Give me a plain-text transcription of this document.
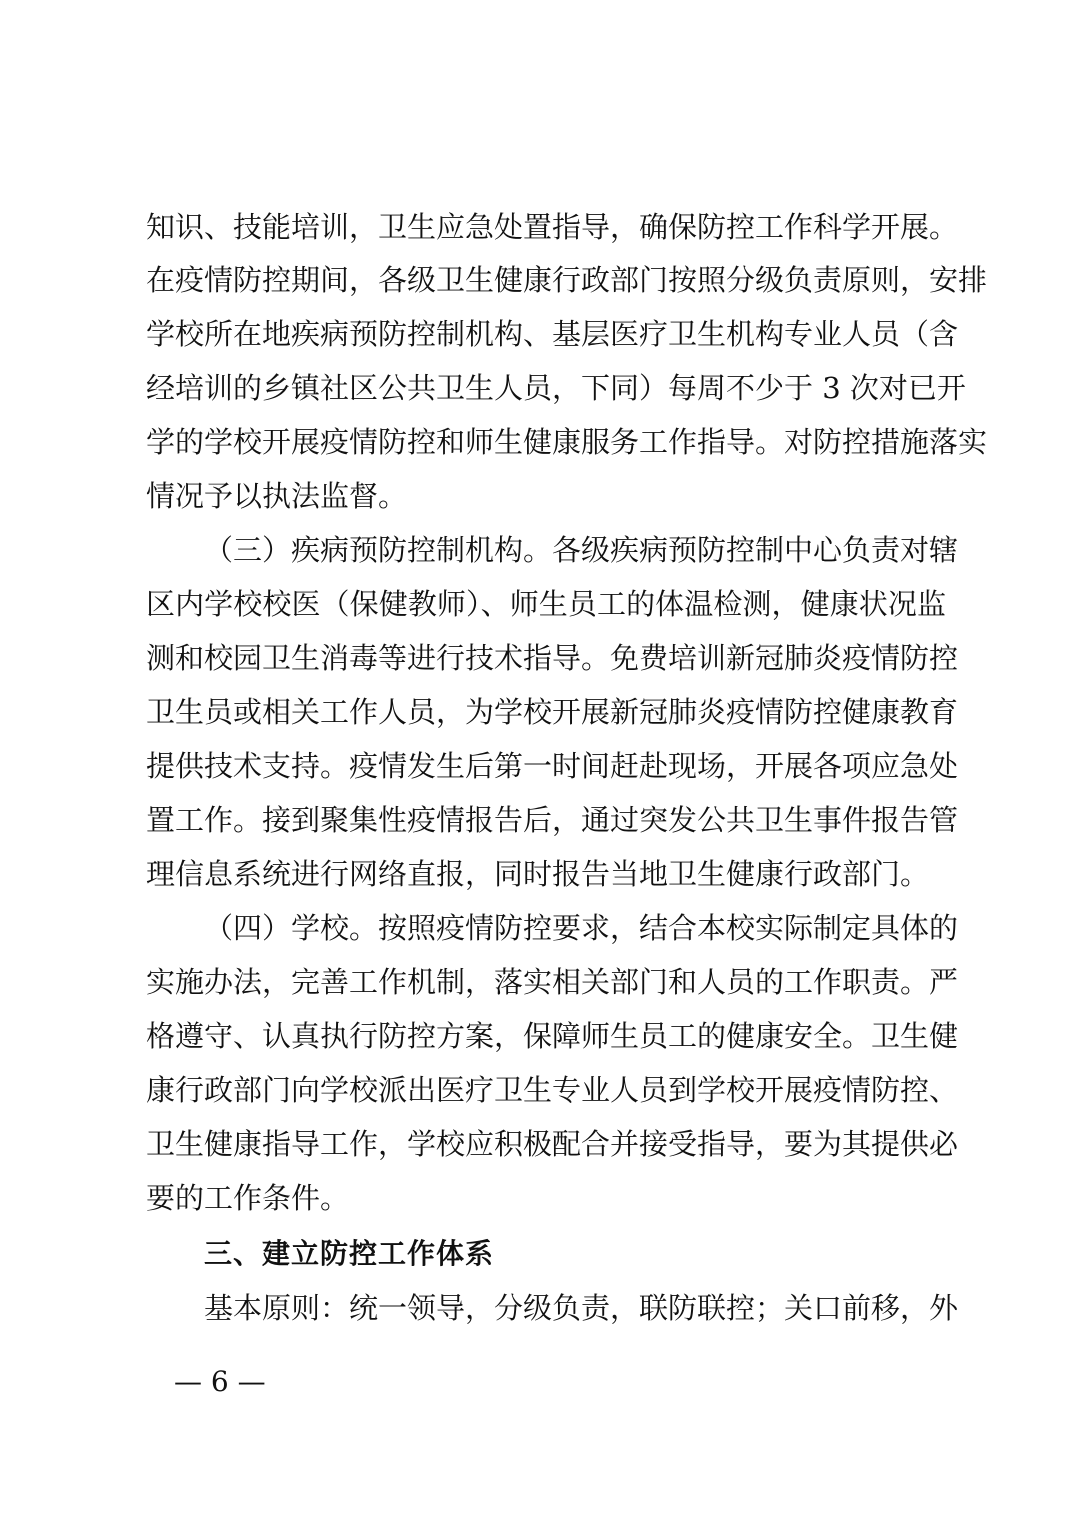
知识、技能培训，卫生应急处置指导，确保防控工作科学开展。
在疫情防控期间，各级卫生健康行政部门按照分级负责原则，安排
学校所在地疾病预防控制机构、基层医疗卫生机构专业人员（含
经培训的乡镇社区公共卫生人员，下同）每周不少于 3 次对已开
学的学校开展疫情防控和师生健康服务工作指导。对防控措施落实
情况予以执法监督。
（三）疾病预防控制机构。各级疾病预防控制中心负责对辖
区内学校校医（保健教师）、师生员工的体温检测，健康状况监
测和校园卫生消毒等进行技术指导。免费培训新冠肺炎疫情防控
卫生员或相关工作人员，为学校开展新冠肺炎疫情防控健康教育
提供技术支持。疫情发生后第一时间赶赴现场，开展各项应急处
置工作。接到聚集性疫情报告后，通过突发公共卫生事件报告管
理信息系统进行网络直报，同时报告当地卫生健康行政部门。
（四）学校。按照疫情防控要求，结合本校实际制定具体的
实施办法，完善工作机制，落实相关部门和人员的工作职责。严
格遵守、认真执行防控方案，保障师生员工的健康安全。卫生健
康行政部门向学校派出医疗卫生专业人员到学校开展疫情防控、
卫生健康指导工作，学校应积极配合并接受指导，要为其提供必
要的工作条件。
三、建立防控工作体系
基本原则：统一领导，分级负责，联防联控；关口前移，外
— 6 —
